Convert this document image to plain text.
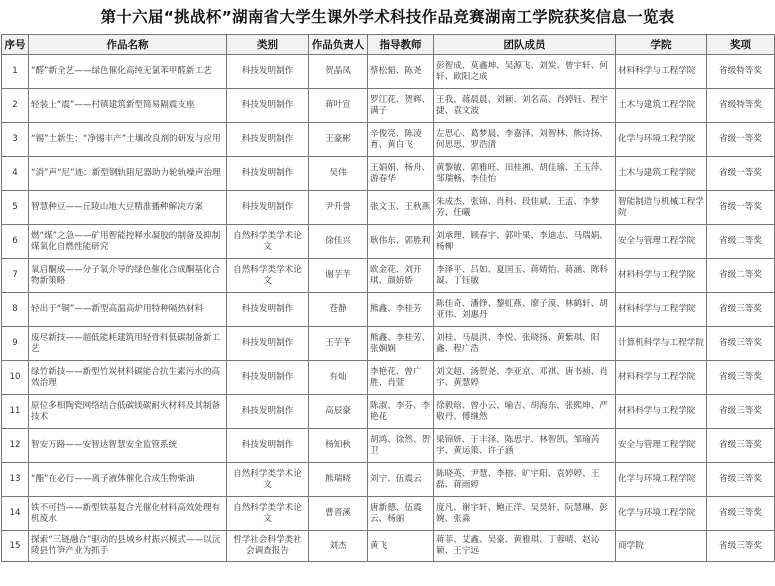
第十六届“挑战杯”湖南省大学生课外学术科技作品竞赛湖南工学院获奖信息一览表
序号	作品名称	类别	作品负责人	指导教师	团队成员	学院	奖项
1	“醛”新全艺——绿色催化高纯无氯苯甲醛新工艺	科技发明制作	贺晶凤	蔡松韬、陈尧	彭智成、莫鑫坤、吴源飞、刘炭、曾宇轩、何轩、欧阳之成	材料科学与工程学院	省级特等奖
2	轻装上“震”——村镇建筑新型简易隔震支座	科技发明制作	蒋叶宣	罗江花、贺辉、满子	王我、蒋晨晨、刘颖、刘名高、肖婷钰、程宇捷、袁文波	土木与建筑工程学院	省级特等奖
3	“锡”土新生：“净锡丰产”土壤改良剂的研发与应用	科技发明制作	王豪彬	辛俊亮、陈凌育、黄白飞	左思心、葛梦晨、李嘉泽、刘智林、熊诗扬、何思思、罗浩清	化学与环境工程学院	省级一等奖
4	“消”声“尼”迹：新型钢轨阻尼器助力轮轨噪声治理	科技发明制作	吴伟	王娟娟、杨舟、游春华	黄黎敏、郭雅旺、田桂湘、胡佳瑜、王玉萍、邹瑞畅、李佳怡	土木与建筑工程学院	省级一等奖
5	智慧种豆——丘陵山地大豆精准播种解决方案	科技发明制作	尹升誉	张文玉、王秋燕	朱成杰、张锦、肖科、段佳斌、王孟、李梦芳、任曦	智能制造与机械工程学院	省级一等奖
6	燃“煤”之急——矿用智能控释水凝胶的制备及抑制煤氧化自燃性能研究	自然科学类学术论文	徐佳兴	耿伟东、郭胜利	刘承理、顾春宇、郭叶果、李迪志、马瑞娟、杨柳	安全与管理工程学院	省级二等奖
7	氧启酮成——分子氧介导的绿色催化合成酮基化合物新策略	自然科学类学术论文	谢芋芊	欧金花、刘开琪、颜娇娇	李泽平、吕如、夏国玉、蒋婧怡、蒋涵、陈科凝、丁钰敏	材料科学与工程学院	省级二等奖
8	轻出于“铜”——新型高温高炉用特种隔热材料	科技发明制作	苍静	熊鑫、李桂芳	陈佳奇、潘铮、黎虹燕、廖子漠、林鹤轩、胡亚伟、刘惠丹	材料科学与工程学院	省级三等奖
9	废尽新技——超低能耗建筑用轻骨料低碳制备新工艺	科技发明制作	王芋芊	熊鑫、李桂芳、张娴娴	刘桂、马晨洪、李悦、张晓扬、黄紫琪、阳鑫、程广浩	计算机科学与工程学院	省级三等奖
10	绿竹新技——新型竹炭材料碳能合抗生素污水的高效治理	科技发明制作	有灿	李艳花、曾广胜、肖萱	刘文超、汤贺尧、李亚京、邓祺、唐书祯、肖宇、黄慧婷	材料科学与工程学院	省级三等奖
11	原位多相陶瓷网络结合低碳镁碳耐火材料及其制备技术	科技发明制作	高辰豪	陈淑、李芬、李艳花	徐毅晗、曾小云、喻吉、胡海东、张熙坤、严敬丹、傅继然	材料科学与工程学院	省级三等奖
12	智安万路——安智达智慧安全监管系统	科技发明制作	杨知秋	胡鸿、徐然、贺卫	梁锦妍、于丰泽、陈思宇、林智凯、邹瑜芮宇、黄运策、许子涵	安全与管理工程学院	省级三等奖
13	“酯”在必行——离子液体催化合成生物柴油	自然科学类学术论文	熊瑞晓	刘宁、伍震云	陈晓英、尹慧、李榕、旷宇阳、袁婷婷、王磊、蒋雨婷	化学与环境工程学院	省级三等奖
14	铁不可挡——新型铁基复合光催化材料高效处理有机废水	自然科学类学术论文	曹晋溪	唐新德、伍震云、杨丽	庞凡、谢宇轩、鲍正洋、吴昊轩、阮慧琳、彭婉、张淼	化学与环境工程学院	省级三等奖
15	探索“三链融合”驱动的县域乡村振兴模式——以沅陵县竹笋产业为抓手	哲学社会科学类社会调查报告	刘杰	黄飞	蒋菲、艾鑫、吴豪、黄雅琪、丁蓉晴、赵沁颖、王宁远	商学院	省级三等奖
